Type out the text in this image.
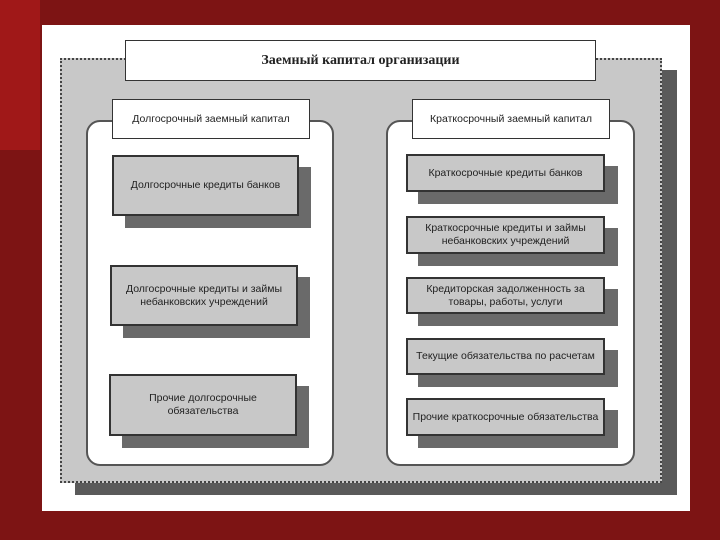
Заемный капитал организации
Долгосрочный заемный капитал	Краткосрочный заемный капитал
Долгосрочные кредиты банков
Долгосрочные кредиты и займы небанковских учреждений
Прочие долгосрочные обязательства
Краткосрочные кредиты банков
Краткосрочные кредиты и займы небанковских учреждений
Кредиторская задолженность за товары, работы, услуги
Текущие обязательства по расчетам
Прочие краткосрочные обязательства
